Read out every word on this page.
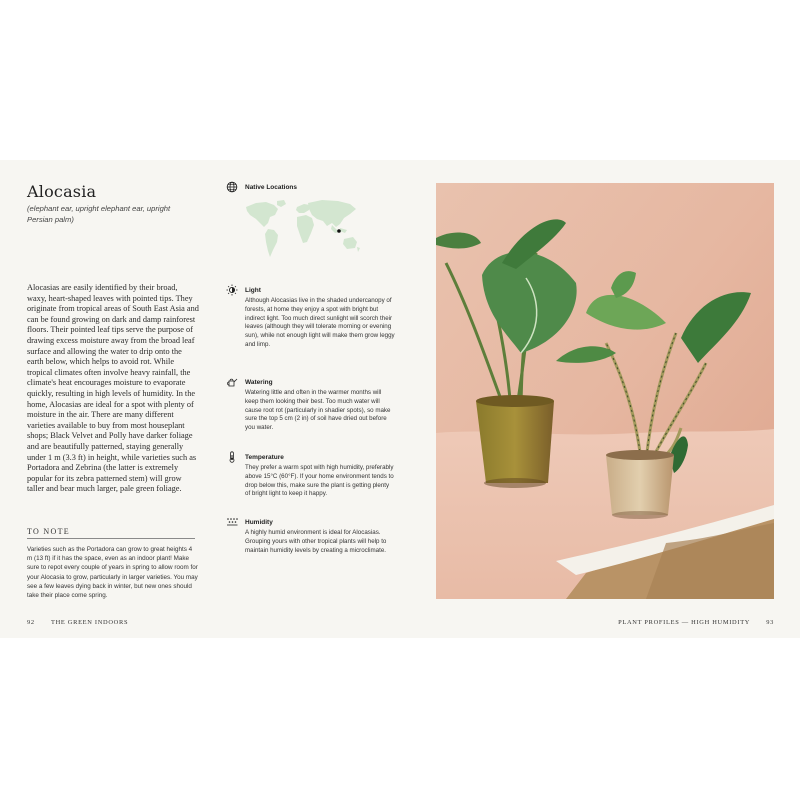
Alocasia
(elephant ear, upright elephant ear, upright Persian palm)

Alocasias are easily identified by their broad, waxy, heart-shaped leaves with pointed tips. They originate from tropical areas of South East Asia and can be found growing on dark and damp rainforest floors. Their pointed leaf tips serve the purpose of drawing excess moisture away from the broad leaf surface and allowing the water to drip onto the earth below, which helps to avoid rot. While tropical climates often involve heavy rainfall, the climate's heat encourages moisture to evaporate quickly, resulting in high levels of humidity. In the home, Alocasias are ideal for a spot with plenty of moisture in the air. There are many different varieties available to buy from most houseplant shops; Black Velvet and Polly have darker foliage and are beautifully patterned, staying generally under 1 m (3.3 ft) in height, while varieties such as Portadora and Zebrina (the latter is extremely popular for its zebra patterned stem) will grow taller and bear much larger, pale green foliage.

TO NOTE

Varieties such as the Portadora can grow to great heights 4 m (13 ft) if it has the space, even as an indoor plant! Make sure to repot every couple of years in spring to allow room for your Alocasia to grow, particularly in larger varieties. You may see a few leaves dying back in winter, but new ones should take their place come spring.

92	THE GREEN INDOORS
Native Locations
Light
Although Alocasias live in the shaded undercanopy of forests, at home they enjoy a spot with bright but indirect light. Too much direct sunlight will scorch their leaves (although they will tolerate morning or evening sun), while not enough light will make them grow leggy and limp.
Watering
Watering little and often in the warmer months will keep them looking their best. Too much water will cause root rot (particularly in shadier spots), so make sure the top 5 cm (2 in) of soil have dried out before you water.
Temperature
They prefer a warm spot with high humidity, preferably above 15°C (60°F). If your home environment tends to drop below this, make sure the plant is getting plenty of bright light to keep it happy.
Humidity
A highly humid environment is ideal for Alocasias. Grouping yours with other tropical plants will help to maintain humidity levels by creating a microclimate.
PLANT PROFILES — HIGH HUMIDITY	93
